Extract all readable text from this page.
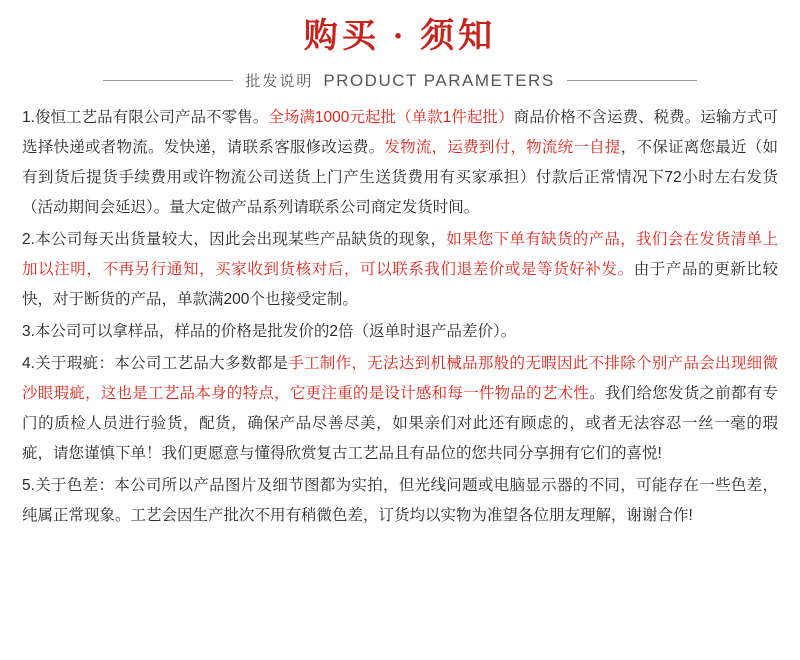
购买 · 须知
批发说明 PRODUCT PARAMETERS

1.俊恒工艺品有限公司产品不零售。全场满1000元起批（单款1件起批）商品价格不含运费、税费。运输方式可选择快递或者物流。发快递，请联系客服修改运费。发物流，运费到付，物流统一自提，不保证离您最近（如有到货后提货手续费用或许物流公司送货上门产生送货费用有买家承担）付款后正常情况下72小时左右发货（活动期间会延迟）。量大定做产品系列请联系公司商定发货时间。

2.本公司每天出货量较大，因此会出现某些产品缺货的现象，如果您下单有缺货的产品，我们会在发货清单上加以注明，不再另行通知，买家收到货核对后，可以联系我们退差价或是等货好补发。由于产品的更新比较快，对于断货的产品，单款满200个也接受定制。

3.本公司可以拿样品，样品的价格是批发价的2倍（返单时退产品差价）。

4.关于瑕疵：本公司工艺品大多数都是手工制作，无法达到机械品那般的无暇因此不排除个别产品会出现细微沙眼瑕疵，这也是工艺品本身的特点，它更注重的是设计感和每一件物品的艺术性。我们给您发货之前都有专门的质检人员进行验货，配货，确保产品尽善尽美，如果亲们对此还有顾虑的，或者无法容忍一丝一毫的瑕疵，请您谨慎下单！我们更愿意与懂得欣赏复古工艺品且有品位的您共同分享拥有它们的喜悦!

5.关于色差：本公司所以产品图片及细节图都为实拍，但光线问题或电脑显示器的不同，可能存在一些色差，纯属正常现象。工艺会因生产批次不用有稍微色差，订货均以实物为准望各位朋友理解，谢谢合作!
